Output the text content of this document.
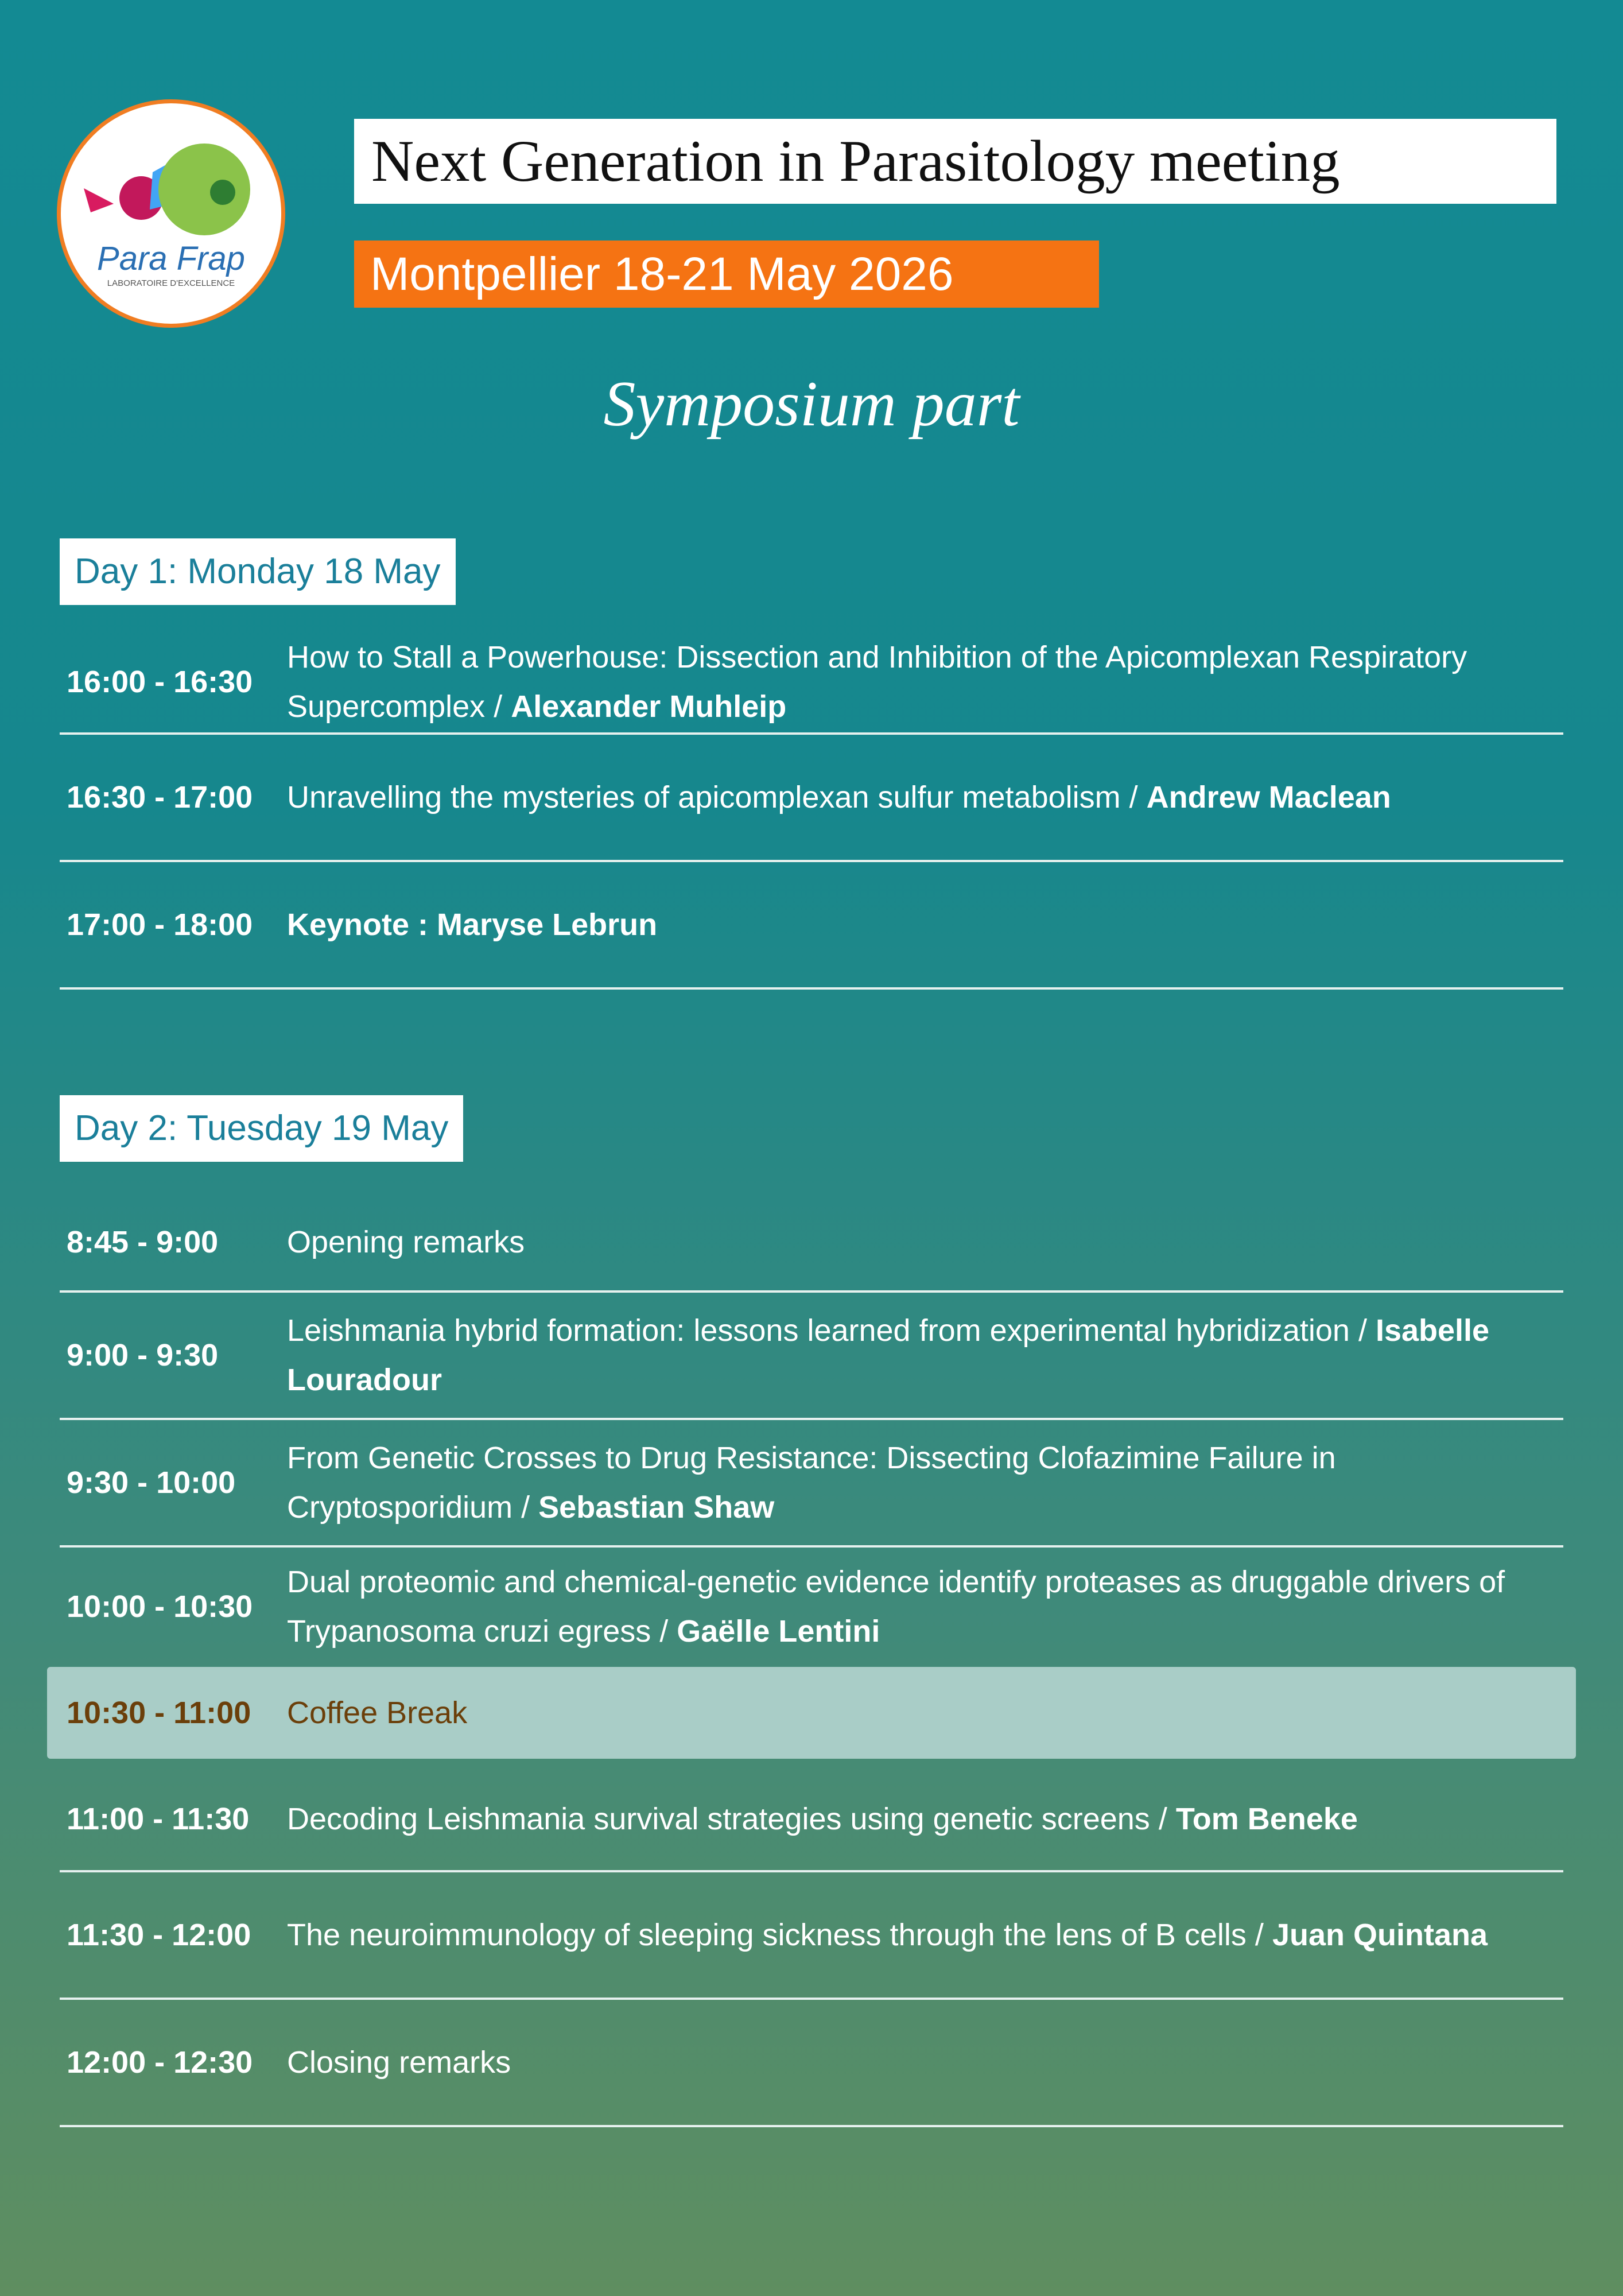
Para Frap
LABORATOIRE D'EXCELLENCE
Next Generation in Parasitology meeting
Montpellier 18-21 May 2026
Symposium part
Day 1: Monday 18 May
16:00 - 16:30
How to Stall a Powerhouse: Dissection and Inhibition of the Apicomplexan Respiratory Supercomplex / Alexander Muhleip
16:30 - 17:00 Unravelling the mysteries of apicomplexan sulfur metabolism / Andrew Maclean
17:00 - 18:00 Keynote : Maryse Lebrun
Day 2: Tuesday 19 May
8:45 - 9:00 Opening remarks
9:00 - 9:30
Leishmania hybrid formation: lessons learned from experimental hybridization / Isabelle Louradour
9:30 - 10:00
From Genetic Crosses to Drug Resistance: Dissecting Clofazimine Failure in Cryptosporidium / Sebastian Shaw
10:00 - 10:30
Dual proteomic and chemical-genetic evidence identify proteases as druggable drivers of Trypanosoma cruzi egress / Gaëlle Lentini
10:30 - 11:00 Coffee Break
11:00 - 11:30 Decoding Leishmania survival strategies using genetic screens / Tom Beneke
11:30 - 12:00 The neuroimmunology of sleeping sickness through the lens of B cells / Juan Quintana
12:00 - 12:30 Closing remarks
